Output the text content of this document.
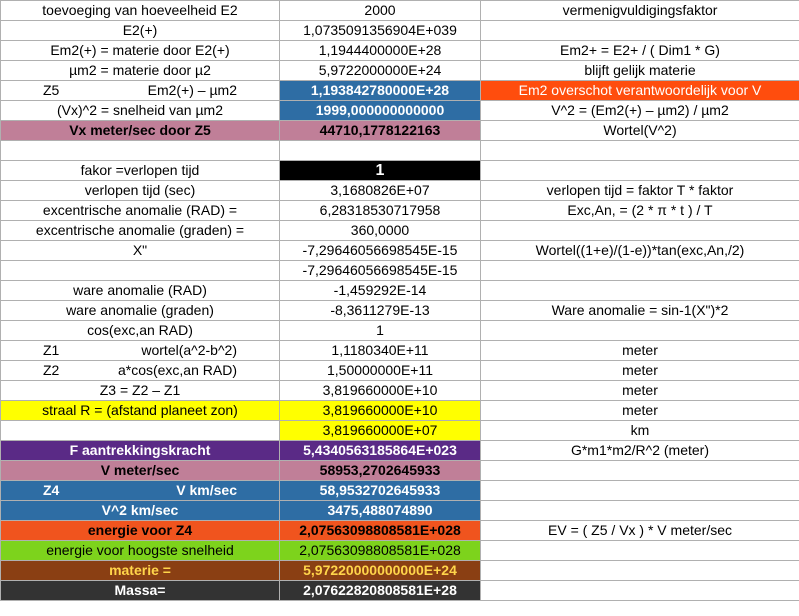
toevoeging van hoeveelheid E2	2000	vermenigvuldigingsfaktor
E2(+)	1,0735091356904E+039	
Em2(+) = materie door E2(+)	1,1944400000E+28	Em2+ = E2+ / ( Dim1 * G)
µm2 = materie door µ2	5,9722000000E+24	blijft gelijk materie

Z5 Em2(+) – µm2	1,193842780000E+28	Em2 overschot verantwoordelijk voor V
(Vx)^2 = snelheid van µm2	1999,000000000000	V^2 = (Em2(+) – µm2) / µm2
Vx meter/sec door Z5	44710,1778122163	Wortel(V^2)

fakor =verlopen tijd	1	
verlopen tijd (sec)	3,1680826E+07	verlopen tijd = faktor T * faktor
excentrische anomalie (RAD) =	6,28318530717958	Exc,An, = (2 * π * t ) / T
excentrische anomalie (graden) =	360,0000	
X"	-7,29646056698545E-15	Wortel((1+e)/(1-e))*tan(exc,An,/2)
	-7,29646056698545E-15	
ware anomalie (RAD)	-1,459292E-14	
ware anomalie (graden)	-8,3611279E-13	Ware anomalie = sin-1(X")*2
cos(exc,an RAD)	1	

Z1 wortel(a^2-b^2)	1,1180340E+11	meter

Z2 a*cos(exc,an RAD)	1,50000000E+11	meter
Z3 = Z2 – Z1	3,819660000E+10	meter
straal R = (afstand planeet zon)	3,819660000E+10	meter
	3,819660000E+07	km
F aantrekkingskracht	5,4340563185864E+023	G*m1*m2/R^2 (meter)
V meter/sec	58953,2702645933	

Z4 V km/sec	58,9532702645933	
V^2 km/sec	3475,488074890	
energie voor Z4	2,07563098808581E+028	EV = ( Z5 / Vx ) * V meter/sec
energie voor hoogste snelheid	2,07563098808581E+028	
materie =	5,97220000000000E+24	
Massa=	2,07622820808581E+28	
